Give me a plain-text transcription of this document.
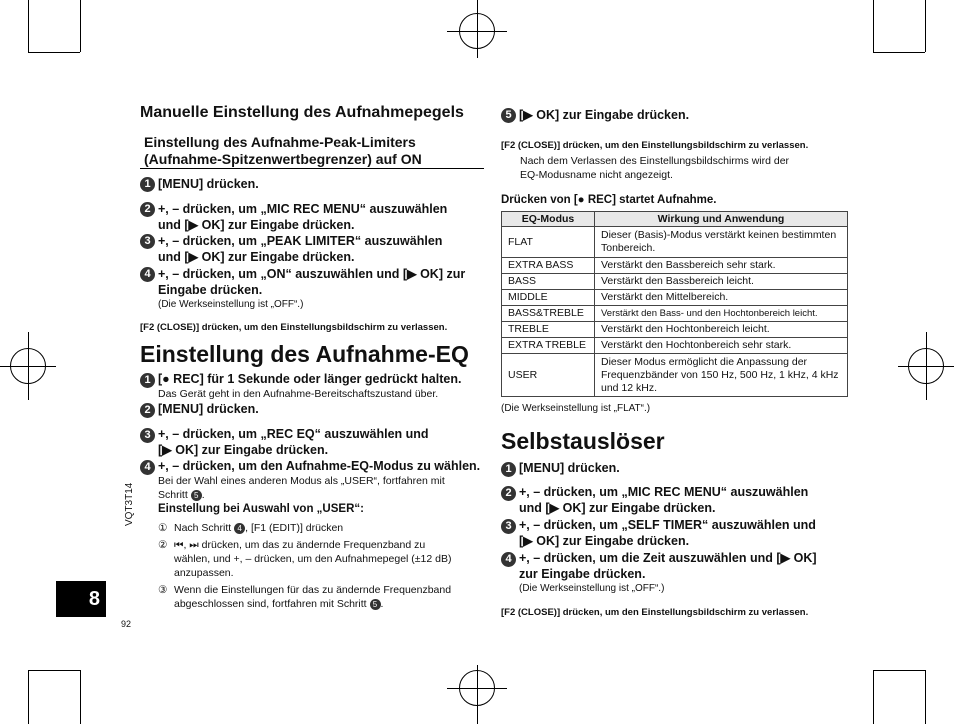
Manuelle Einstellung des Aufnahmepegels
Einstellung des Aufnahme-Peak-Limiters
(Aufnahme-Spitzenwertbegrenzer) auf ON
1 [MENU] drücken.
2 +, – drücken, um „MIC REC MENU“ auszuwählen
und [▶ OK] zur Eingabe drücken.
3 +, – drücken, um „PEAK LIMITER“ auszuwählen
und [▶ OK] zur Eingabe drücken.
4 +, – drücken, um „ON“ auszuwählen und [▶ OK] zur
Eingabe drücken.
(Die Werkseinstellung ist „OFF“.)
[F2 (CLOSE)] drücken, um den Einstellungsbildschirm zu verlassen.
Einstellung des Aufnahme-EQ
1 [● REC] für 1 Sekunde oder länger gedrückt halten.
Das Gerät geht in den Aufnahme-Bereitschaftszustand über.
2 [MENU] drücken.
3 +, – drücken, um „REC EQ“ auszuwählen und
[▶ OK] zur Eingabe drücken.
4 +, – drücken, um den Aufnahme-EQ-Modus zu wählen.
Bei der Wahl eines anderen Modus als „USER“, fortfahren mit
Schritt 5 .
Einstellung bei Auswahl von „USER“:
① Nach Schritt 4 , [F1 (EDIT)] drücken
② ⏮, ⏭ drücken, um das zu ändernde Frequenzband zu
wählen, und +, – drücken, um den Aufnahmepegel (±12 dB)
anzupassen.
③ Wenn die Einstellungen für das zu ändernde Frequenzband
abgeschlossen sind, fortfahren mit Schritt 5 .
VQT3T14
8
92
5 [▶ OK] zur Eingabe drücken.
[F2 (CLOSE)] drücken, um den Einstellungsbildschirm zu verlassen.
Nach dem Verlassen des Einstellungsbildschirms wird der
EQ-Modusname nicht angezeigt.
Drücken von [● REC] startet Aufnahme.
EQ-Modus	Wirkung und Anwendung
FLAT	Dieser (Basis)-Modus verstärkt keinen bestimmten Tonbereich.
EXTRA BASS	Verstärkt den Bassbereich sehr stark.
BASS	Verstärkt den Bassbereich leicht.
MIDDLE	Verstärkt den Mittelbereich.
BASS&TREBLE	Verstärkt den Bass- und den Hochtonbereich leicht.
TREBLE	Verstärkt den Hochtonbereich leicht.
EXTRA TREBLE	Verstärkt den Hochtonbereich sehr stark.
USER	Dieser Modus ermöglicht die Anpassung der Frequenzbänder von 150 Hz, 500 Hz, 1 kHz, 4 kHz und 12 kHz.
(Die Werkseinstellung ist „FLAT“.)
Selbstauslöser
1 [MENU] drücken.
2 +, – drücken, um „MIC REC MENU“ auszuwählen
und [▶ OK] zur Eingabe drücken.
3 +, – drücken, um „SELF TIMER“ auszuwählen und
[▶ OK] zur Eingabe drücken.
4 +, – drücken, um die Zeit auszuwählen und [▶ OK]
zur Eingabe drücken.
(Die Werkseinstellung ist „OFF“.)
[F2 (CLOSE)] drücken, um den Einstellungsbildschirm zu verlassen.
